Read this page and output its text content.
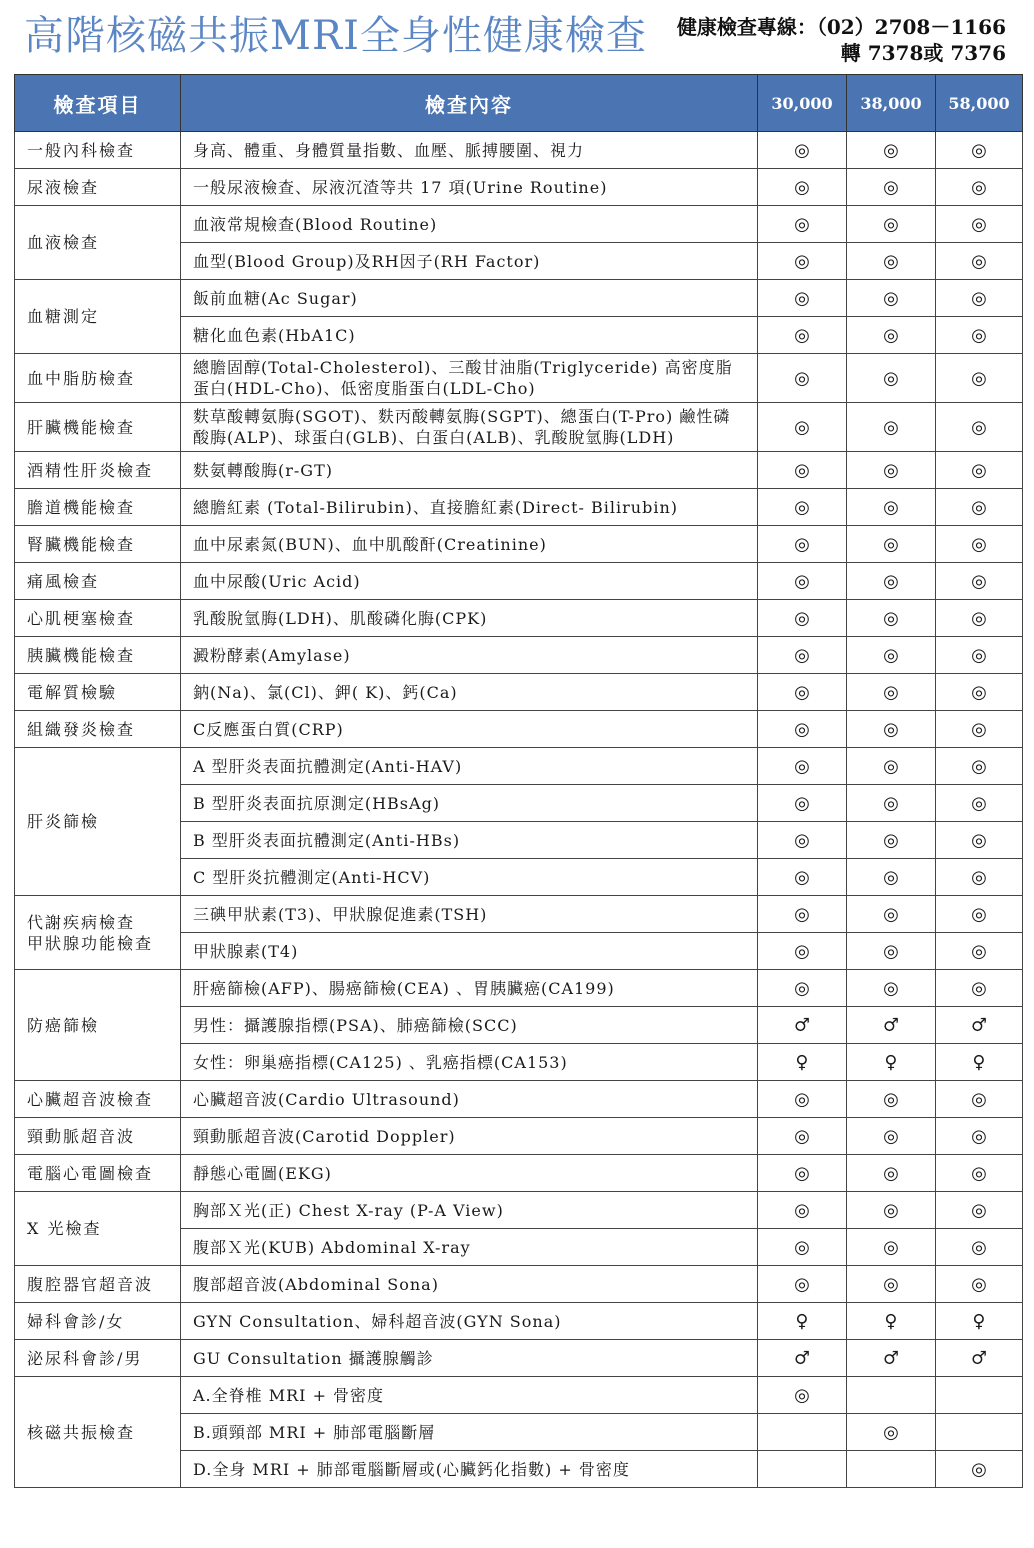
高階核磁共振MRI全身性健康檢查 健康檢查專線：（02）2708－1166
轉 7378或 7376
檢查項目	檢查內容	30,000	38,000	58,000

一般內科檢查	身高、體重、身體質量指數、血壓、脈搏腰圍、視力	◎	◎	◎

尿液檢查	一般尿液檢查、尿液沉渣等共 17 項(Urine Routine)	◎	◎	◎

血液檢查	血液常規檢查(Blood Routine)	◎	◎	◎
	血型(Blood Group)及RH因子(RH Factor)	◎	◎	◎

血糖測定	飯前血糖(Ac Sugar)	◎	◎	◎
	糖化血色素(HbA1C)	◎	◎	◎

血中脂肪檢查	總膽固醇(Total-Cholesterol)、三酸甘油脂(Triglyceride) 高密度脂蛋白(HDL-Cho)、低密度脂蛋白(LDL-Cho)	◎	◎	◎

肝臟機能檢查	麩草酸轉氨脢(SGOT)、麩丙酸轉氨脢(SGPT)、總蛋白(T-Pro) 鹼性磷酸脢(ALP)、球蛋白(GLB)、白蛋白(ALB)、乳酸脫氫脢(LDH)	◎	◎	◎

酒精性肝炎檢查	麩氨轉酸脢(r-GT)	◎	◎	◎

膽道機能檢查	總膽紅素 (Total-Bilirubin)、直接膽紅素(Direct- Bilirubin)	◎	◎	◎

腎臟機能檢查	血中尿素氮(BUN)、血中肌酸酐(Creatinine)	◎	◎	◎

痛風檢查	血中尿酸(Uric Acid)	◎	◎	◎

心肌梗塞檢查	乳酸脫氫脢(LDH)、肌酸磷化脢(CPK)	◎	◎	◎

胰臟機能檢查	澱粉酵素(Amylase)	◎	◎	◎

電解質檢驗	鈉(Na)、氯(Cl)、鉀( K)、鈣(Ca)	◎	◎	◎

組織發炎檢查	C反應蛋白質(CRP)	◎	◎	◎

肝炎篩檢	A 型肝炎表面抗體測定(Anti-HAV)	◎	◎	◎
	B 型肝炎表面抗原測定(HBsAg)	◎	◎	◎
	B 型肝炎表面抗體測定(Anti-HBs)	◎	◎	◎
	C 型肝炎抗體測定(Anti-HCV)	◎	◎	◎

代謝疾病檢查
甲狀腺功能檢查	三碘甲狀素(T3)、甲狀腺促進素(TSH)	◎	◎	◎
	甲狀腺素(T4)	◎	◎	◎

防癌篩檢	肝癌篩檢(AFP)、腸癌篩檢(CEA) 、胃胰臟癌(CA199)	◎	◎	◎
	男性：攝護腺指標(PSA)、肺癌篩檢(SCC)	♂	♂	♂
	女性：卵巢癌指標(CA125) 、乳癌指標(CA153)	♀	♀	♀

心臟超音波檢查	心臟超音波(Cardio Ultrasound)	◎	◎	◎

頸動脈超音波	頸動脈超音波(Carotid Doppler)	◎	◎	◎

電腦心電圖檢查	靜態心電圖(EKG)	◎	◎	◎

X 光檢查	胸部Ｘ光(正) Chest X-ray (P-A View)	◎	◎	◎
	腹部Ｘ光(KUB) Abdominal X-ray	◎	◎	◎

腹腔器官超音波	腹部超音波(Abdominal Sona)	◎	◎	◎

婦科會診/女	GYN Consultation、婦科超音波(GYN Sona)	♀	♀	♀

泌尿科會診/男	GU Consultation 攝護腺觸診	♂	♂	♂

核磁共振檢查	A.全脊椎 MRI + 骨密度	◎		
	B.頭頸部 MRI + 肺部電腦斷層		◎	
	D.全身 MRI + 肺部電腦斷層或(心臟鈣化指數) + 骨密度			◎
